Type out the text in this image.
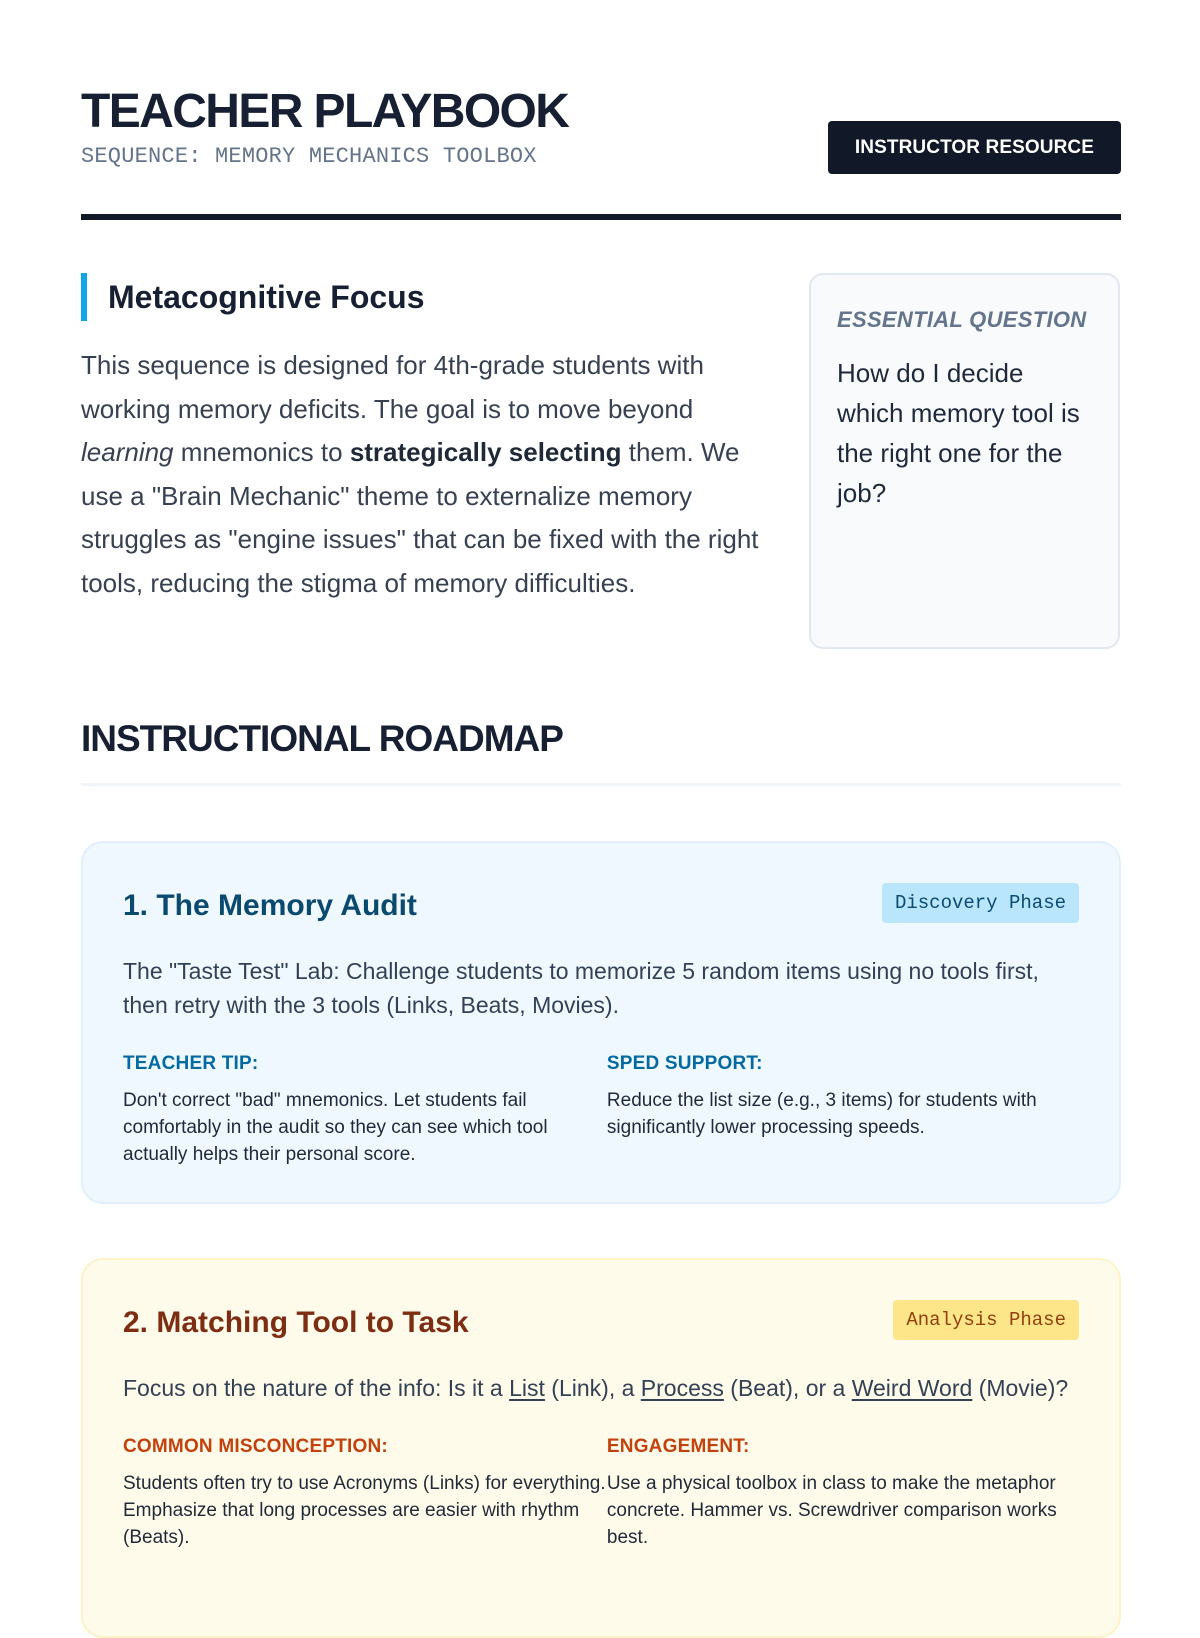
TEACHER PLAYBOOK
SEQUENCE: MEMORY MECHANICS TOOLBOX	INSTRUCTOR RESOURCE
Metacognitive Focus

This sequence is designed for 4th-grade students with working memory deficits. The goal is to move beyond learning mnemonics to strategically selecting them. We use a "Brain Mechanic" theme to externalize memory struggles as "engine issues" that can be fixed with the right tools, reducing the stigma of memory difficulties.

ESSENTIAL QUESTION
How do I decide which memory tool is the right one for the job?
INSTRUCTIONAL ROADMAP
1. The Memory Audit	Discovery Phase
The "Taste Test" Lab: Challenge students to memorize 5 random items using no tools first, then retry with the 3 tools (Links, Beats, Movies).
TEACHER TIP:
Don't correct "bad" mnemonics. Let students fail comfortably in the audit so they can see which tool actually helps their personal score.
SPED SUPPORT:
Reduce the list size (e.g., 3 items) for students with significantly lower processing speeds.
2. Matching Tool to Task	Analysis Phase
Focus on the nature of the info: Is it a List (Link), a Process (Beat), or a Weird Word (Movie)?
COMMON MISCONCEPTION:
Students often try to use Acronyms (Links) for everything. Emphasize that long processes are easier with rhythm (Beats).
ENGAGEMENT:
Use a physical toolbox in class to make the metaphor concrete. Hammer vs. Screwdriver comparison works best.
